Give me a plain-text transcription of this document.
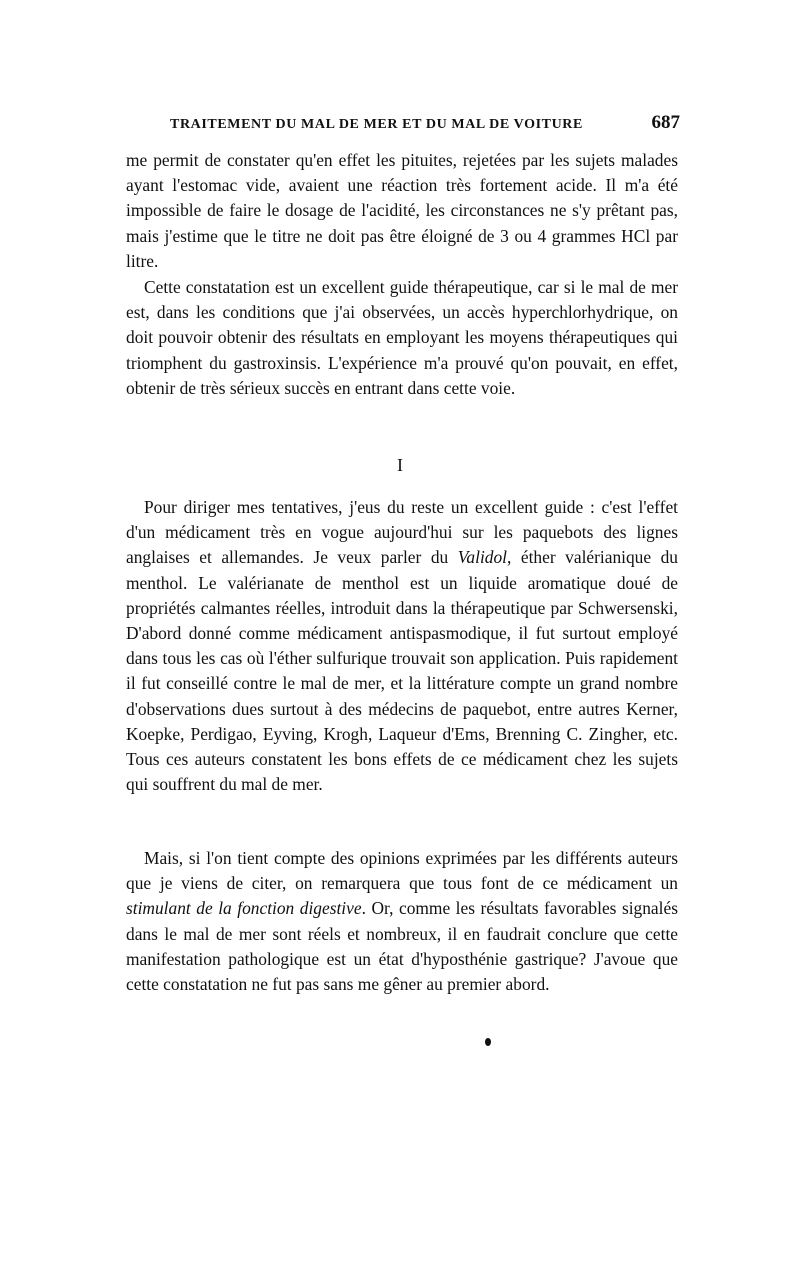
TRAITEMENT DU MAL DE MER ET DU MAL DE VOITURE	687

me permit de constater qu'en effet les pituites, rejetées par les sujets malades ayant l'estomac vide, avaient une réaction très fortement acide. Il m'a été impossible de faire le dosage de l'acidité, les circonstances ne s'y prêtant pas, mais j'estime que le titre ne doit pas être éloigné de 3 ou 4 grammes HCl par litre.

Cette constatation est un excellent guide thérapeutique, car si le mal de mer est, dans les conditions que j'ai observées, un accès hyperchlorhydrique, on doit pouvoir obtenir des résultats en employant les moyens thérapeutiques qui triomphent du gastroxinsis. L'expérience m'a prouvé qu'on pouvait, en effet, obtenir de très sérieux succès en entrant dans cette voie.

I

Pour diriger mes tentatives, j'eus du reste un excellent guide : c'est l'effet d'un médicament très en vogue aujourd'hui sur les paquebots des lignes anglaises et allemandes. Je veux parler du Validol, éther valérianique du menthol. Le valérianate de menthol est un liquide aromatique doué de propriétés calmantes réelles, introduit dans la thérapeutique par Schwersenski, D'abord donné comme médicament antispasmodique, il fut surtout employé dans tous les cas où l'éther sulfurique trouvait son application. Puis rapidement il fut conseillé contre le mal de mer, et la littérature compte un grand nombre d'observations dues surtout à des médecins de paquebot, entre autres Kerner, Koepke, Perdigao, Eyving, Krogh, Laqueur d'Ems, Brenning C. Zingher, etc. Tous ces auteurs constatent les bons effets de ce médicament chez les sujets qui souffrent du mal de mer.

Mais, si l'on tient compte des opinions exprimées par les différents auteurs que je viens de citer, on remarquera que tous font de ce médicament un stimulant de la fonction digestive. Or, comme les résultats favorables signalés dans le mal de mer sont réels et nombreux, il en faudrait conclure que cette manifestation pathologique est un état d'hyposthénie gastrique? J'avoue que cette constatation ne fut pas sans me gêner au premier abord.
